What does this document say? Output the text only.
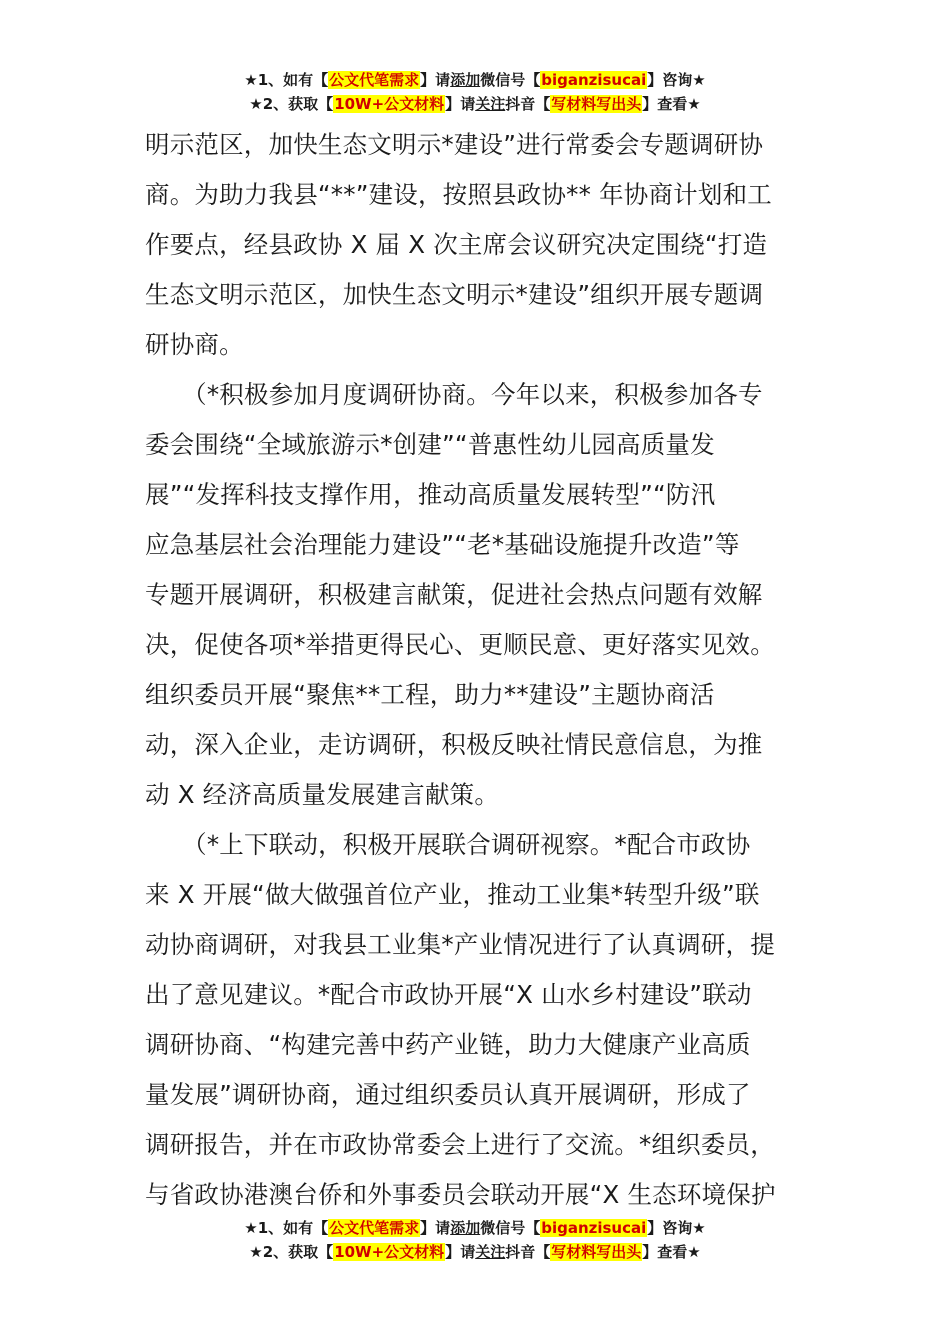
★1、如有【公文代笔需求】请添加微信号【biganzisucai】咨询★
★2、获取【10W+公文材料】请关注抖音【写材料写出头】查看★
明示范区，加快生态文明示*建设”进行常委会专题调研协
商。为助力我县“**”建设，按照县政协** 年协商计划和工
作要点，经县政协 X 届 X 次主席会议研究决定围绕“打造
生态文明示范区，加快生态文明示*建设”组织开展专题调
研协商。
　　（*积极参加月度调研协商。今年以来，积极参加各专
委会围绕“全域旅游示*创建”“普惠性幼儿园高质量发
展”“发挥科技支撑作用，推动高质量发展转型”“防汛
应急基层社会治理能力建设”“老*基础设施提升改造”等
专题开展调研，积极建言献策，促进社会热点问题有效解
决，促使各项*举措更得民心、更顺民意、更好落实见效。
组织委员开展“聚焦**工程，助力**建设”主题协商活
动，深入企业，走访调研，积极反映社情民意信息，为推
动 X 经济高质量发展建言献策。
　　（*上下联动，积极开展联合调研视察。*配合市政协
来 X 开展“做大做强首位产业，推动工业集*转型升级”联
动协商调研，对我县工业集*产业情况进行了认真调研，提
出了意见建议。*配合市政协开展“X 山水乡村建设”联动
调研协商、“构建完善中药产业链，助力大健康产业高质
量发展”调研协商，通过组织委员认真开展调研，形成了
调研报告，并在市政协常委会上进行了交流。*组织委员，
与省政协港澳台侨和外事委员会联动开展“X 生态环境保护
★1、如有【公文代笔需求】请添加微信号【biganzisucai】咨询★
★2、获取【10W+公文材料】请关注抖音【写材料写出头】查看★
